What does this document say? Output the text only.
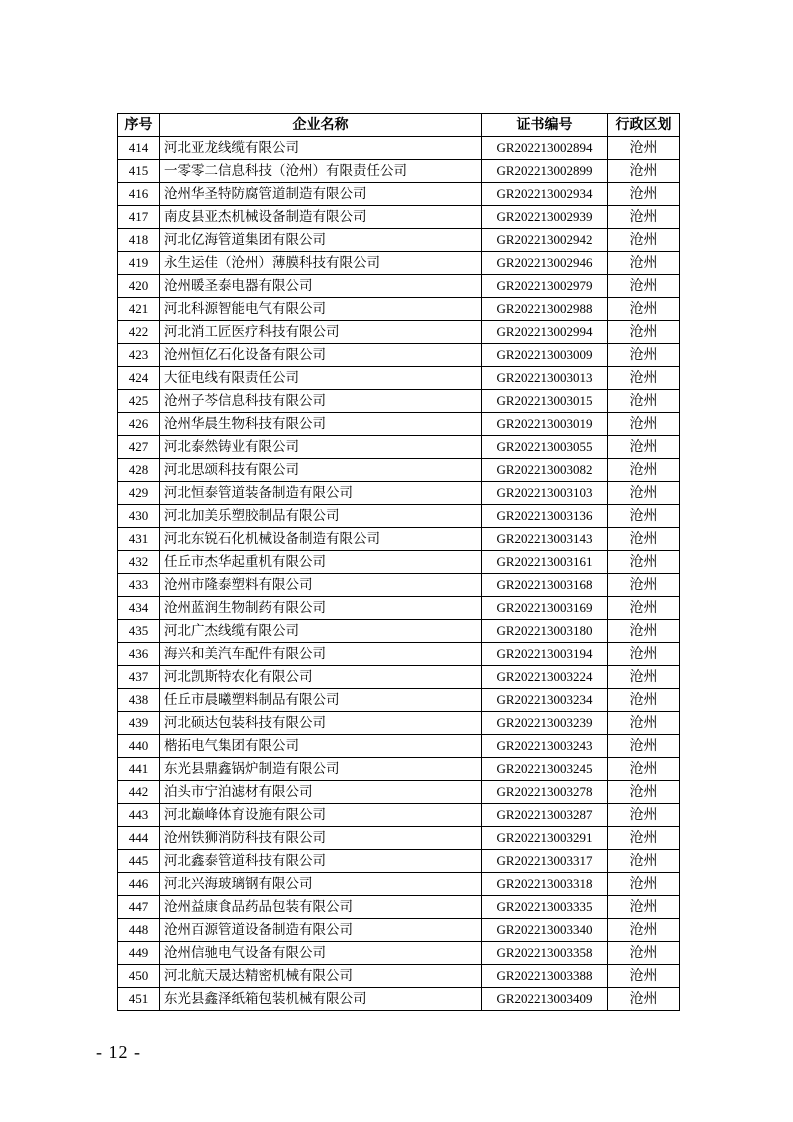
序号	企业名称	证书编号	行政区划
414	河北亚龙线缆有限公司	GR202213002894	沧州
415	一零零二信息科技（沧州）有限责任公司	GR202213002899	沧州
416	沧州华圣特防腐管道制造有限公司	GR202213002934	沧州
417	南皮县亚杰机械设备制造有限公司	GR202213002939	沧州
418	河北亿海管道集团有限公司	GR202213002942	沧州
419	永生运佳（沧州）薄膜科技有限公司	GR202213002946	沧州
420	沧州暖圣泰电器有限公司	GR202213002979	沧州
421	河北科源智能电气有限公司	GR202213002988	沧州
422	河北消工匠医疗科技有限公司	GR202213002994	沧州
423	沧州恒亿石化设备有限公司	GR202213003009	沧州
424	大征电线有限责任公司	GR202213003013	沧州
425	沧州子芩信息科技有限公司	GR202213003015	沧州
426	沧州华晨生物科技有限公司	GR202213003019	沧州
427	河北泰然铸业有限公司	GR202213003055	沧州
428	河北思颂科技有限公司	GR202213003082	沧州
429	河北恒泰管道装备制造有限公司	GR202213003103	沧州
430	河北加美乐塑胶制品有限公司	GR202213003136	沧州
431	河北东锐石化机械设备制造有限公司	GR202213003143	沧州
432	任丘市杰华起重机有限公司	GR202213003161	沧州
433	沧州市隆泰塑料有限公司	GR202213003168	沧州
434	沧州蓝润生物制药有限公司	GR202213003169	沧州
435	河北广杰线缆有限公司	GR202213003180	沧州
436	海兴和美汽车配件有限公司	GR202213003194	沧州
437	河北凯斯特农化有限公司	GR202213003224	沧州
438	任丘市晨曦塑料制品有限公司	GR202213003234	沧州
439	河北硕达包装科技有限公司	GR202213003239	沧州
440	楷拓电气集团有限公司	GR202213003243	沧州
441	东光县鼎鑫锅炉制造有限公司	GR202213003245	沧州
442	泊头市宁泊滤材有限公司	GR202213003278	沧州
443	河北巅峰体育设施有限公司	GR202213003287	沧州
444	沧州铁狮消防科技有限公司	GR202213003291	沧州
445	河北鑫泰管道科技有限公司	GR202213003317	沧州
446	河北兴海玻璃钢有限公司	GR202213003318	沧州
447	沧州益康食品药品包装有限公司	GR202213003335	沧州
448	沧州百源管道设备制造有限公司	GR202213003340	沧州
449	沧州信驰电气设备有限公司	GR202213003358	沧州
450	河北航天晟达精密机械有限公司	GR202213003388	沧州
451	东光县鑫泽纸箱包装机械有限公司	GR202213003409	沧州
- 12 -
